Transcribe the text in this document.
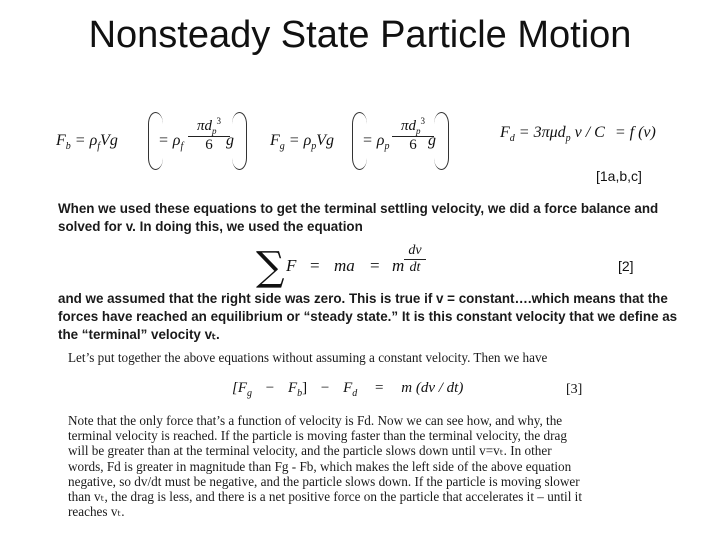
Nonsteady State Particle Motion
$F_b = \rho_fVg$	= $\rho_f$
$\pi d_p^3$
6 g $F_g = \rho_pVg = \rho_p$
$\pi d_p^3$
6 g	$F_d = 3\pi\mu d_p$ v / C = f (v)
[1a,b,c]
When we used these equations to get the terminal settling velocity, we did a force balance and
solved for v. In doing this, we used the equation
∑ F = ma = m $\frac{dv}{dt}$	[2]
and we assumed that the right side was zero. This is true if v = constant….which means that the
forces have reached an equilibrium or “steady state.” It is this constant velocity that we define as
the “terminal” velocity vₜ.
Let’s put together the above equations without assuming a constant velocity. Then we have
$[F_g - F_b] - F_d = m$ (dv / dt)	[3]
Note that the only force that’s a function of velocity is Fd. Now we can see how, and why, the
terminal velocity is reached. If the particle is moving faster than the terminal velocity, the drag
will be greater than at the terminal velocity, and the particle slows down until v=vₜ. In other
words, Fd is greater in magnitude than Fg - Fb, which makes the left side of the above equation
negative, so dv/dt must be negative, and the particle slows down. If the particle is moving slower
than vₜ, the drag is less, and there is a net positive force on the particle that accelerates it – until it
reaches vₜ.
